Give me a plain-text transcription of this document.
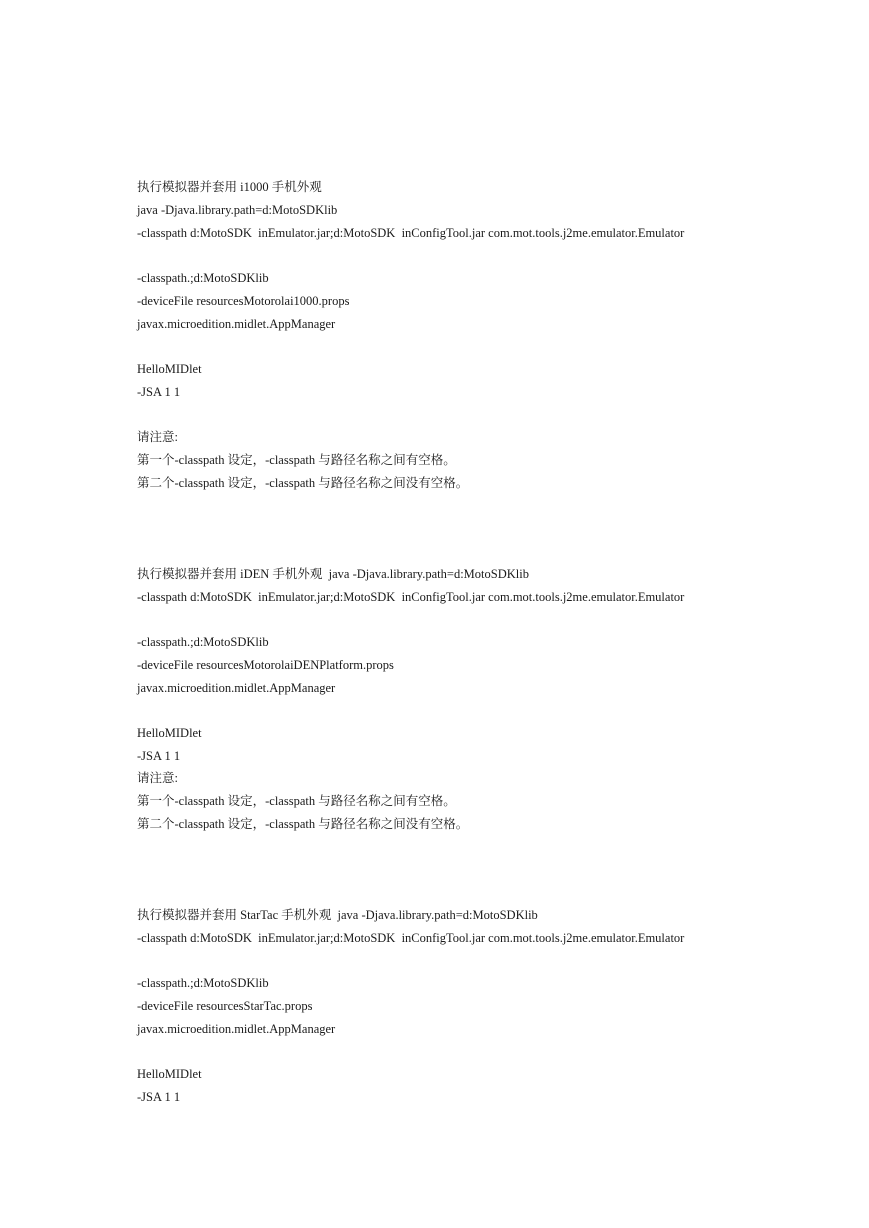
执行模拟器并套用 i1000 手机外观
java -Djava.library.path=d:MotoSDKlib
-classpath d:MotoSDK  inEmulator.jar;d:MotoSDK  inConfigTool.jar com.mot.tools.j2me.emulator.Emulator
-classpath.;d:MotoSDKlib
-deviceFile resourcesMotorolai1000.props
javax.microedition.midlet.AppManager
HelloMIDlet
-JSA 1 1
请注意:
第一个-classpath 设定，-classpath 与路径名称之间有空格。
第二个-classpath 设定，-classpath 与路径名称之间没有空格。
执行模拟器并套用 iDEN 手机外观  java -Djava.library.path=d:MotoSDKlib
-classpath d:MotoSDK  inEmulator.jar;d:MotoSDK  inConfigTool.jar com.mot.tools.j2me.emulator.Emulator
-classpath.;d:MotoSDKlib
-deviceFile resourcesMotorolaiDENPlatform.props
javax.microedition.midlet.AppManager
HelloMIDlet
-JSA 1 1
请注意:
第一个-classpath 设定，-classpath 与路径名称之间有空格。
第二个-classpath 设定，-classpath 与路径名称之间没有空格。
执行模拟器并套用 StarTac 手机外观  java -Djava.library.path=d:MotoSDKlib
-classpath d:MotoSDK  inEmulator.jar;d:MotoSDK  inConfigTool.jar com.mot.tools.j2me.emulator.Emulator
-classpath.;d:MotoSDKlib
-deviceFile resourcesStarTac.props
javax.microedition.midlet.AppManager
HelloMIDlet
-JSA 1 1
